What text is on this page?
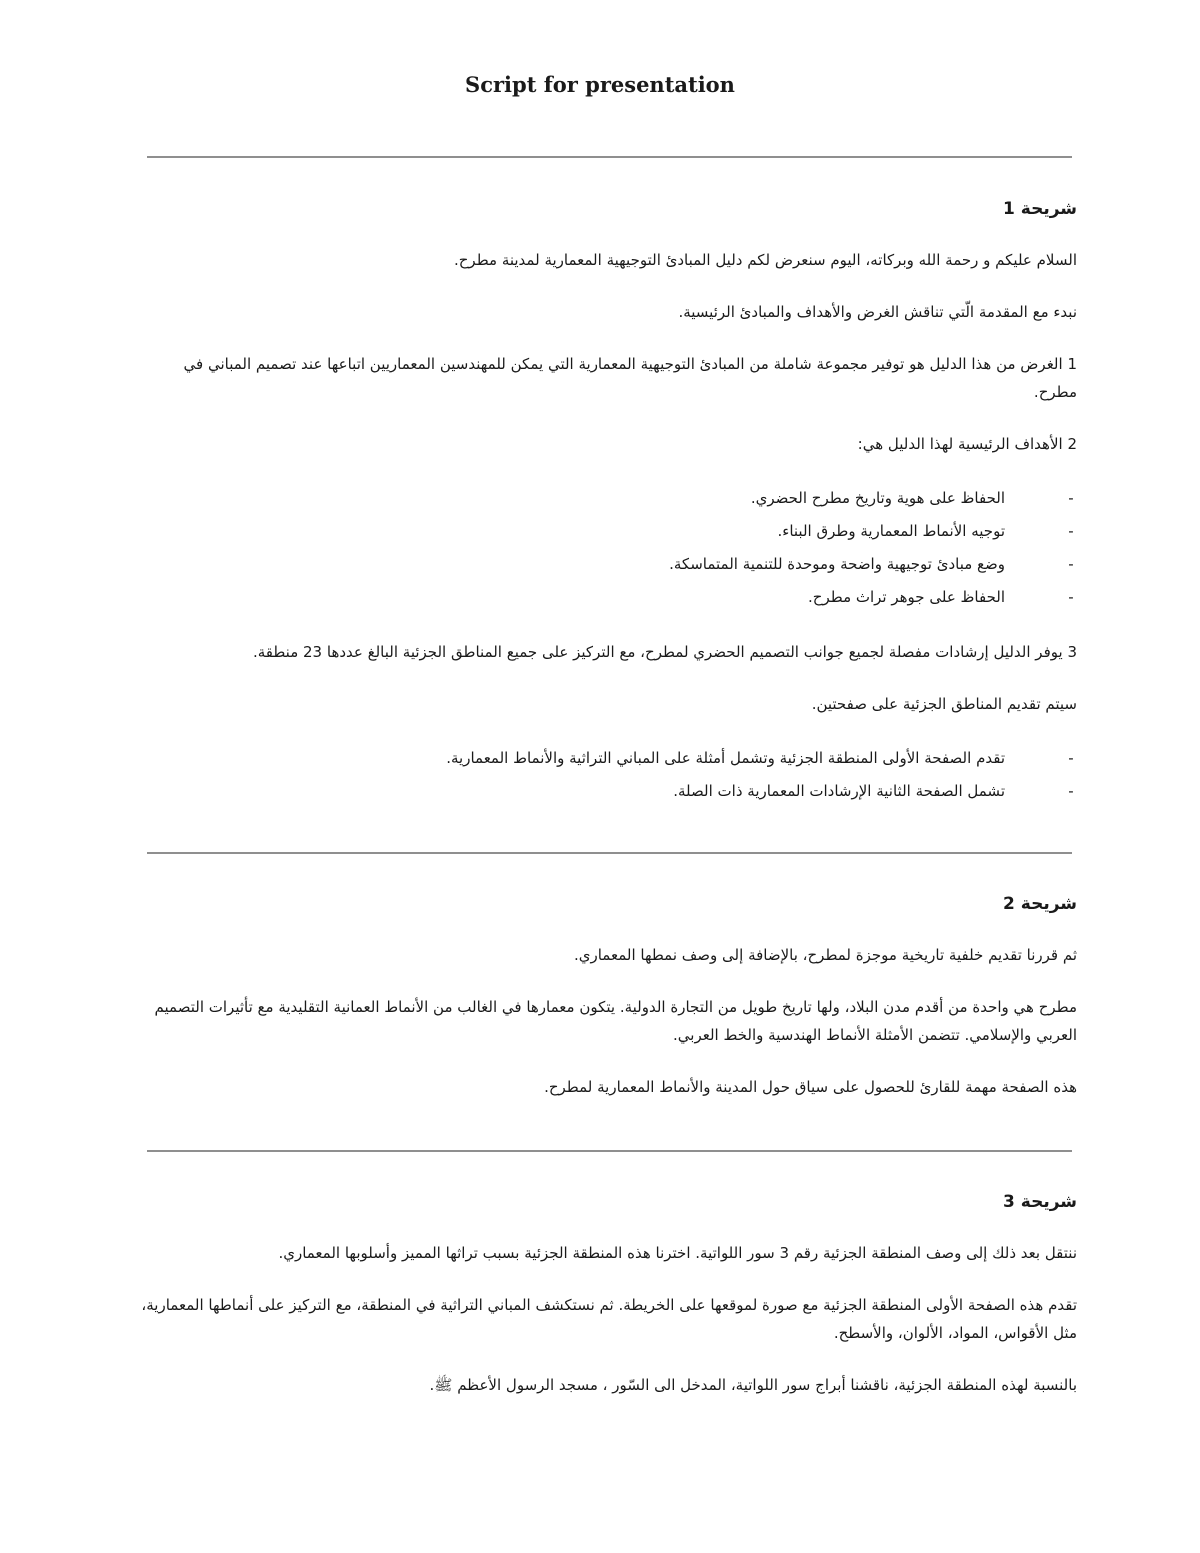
Script for presentation
شريحة 1

السلام عليكم و رحمة الله وبركاته، اليوم سنعرض لكم دليل المبادئ التوجيهية المعمارية لمدينة مطرح.

نبدء مع المقدمة الّتي تناقش الغرض والأهداف والمبادئ الرئيسية.

1 الغرض من هذا الدليل هو توفير مجموعة شاملة من المبادئ التوجيهية المعمارية التي يمكن للمهندسين المعماريين اتباعها عند تصميم المباني في مطرح.

2 الأهداف الرئيسية لهذا الدليل هي:

-
الحفاظ على هوية وتاريخ مطرح الحضري.
-
توجيه الأنماط المعمارية وطرق البناء.
-
وضع مبادئ توجيهية واضحة وموحدة للتنمية المتماسكة.
-
الحفاظ على جوهر تراث مطرح.

3 يوفر الدليل إرشادات مفصلة لجميع جوانب التصميم الحضري لمطرح، مع التركيز على جميع المناطق الجزئية البالغ عددها 23 منطقة.

سيتم تقديم المناطق الجزئية على صفحتين.

-
تقدم الصفحة الأولى المنطقة الجزئية وتشمل أمثلة على المباني التراثية والأنماط المعمارية.
-
تشمل الصفحة الثانية الإرشادات المعمارية ذات الصلة.
شريحة 2

ثم قررنا تقديم خلفية تاريخية موجزة لمطرح، بالإضافة إلى وصف نمطها المعماري.

مطرح هي واحدة من أقدم مدن البلاد، ولها تاريخ طويل من التجارة الدولية. يتكون معمارها في الغالب من الأنماط العمانية التقليدية مع تأثيرات التصميم العربي والإسلامي. تتضمن الأمثلة الأنماط الهندسية والخط العربي.

هذه الصفحة مهمة للقارئ للحصول على سياق حول المدينة والأنماط المعمارية لمطرح.

شريحة 3

ننتقل بعد ذلك إلى وصف المنطقة الجزئية رقم 3 سور اللواتية. اخترنا هذه المنطقة الجزئية بسبب تراثها المميز وأسلوبها المعماري.

تقدم هذه الصفحة الأولى المنطقة الجزئية مع صورة لموقعها على الخريطة. ثم نستكشف المباني التراثية في المنطقة، مع التركيز على أنماطها المعمارية، مثل الأقواس، المواد، الألوان، والأسطح.

بالنسبة لهذه المنطقة الجزئية، ناقشنا أبراج سور اللواتية، المدخل الى السّور ، مسجد الرسول الأعظم ﷺ.
